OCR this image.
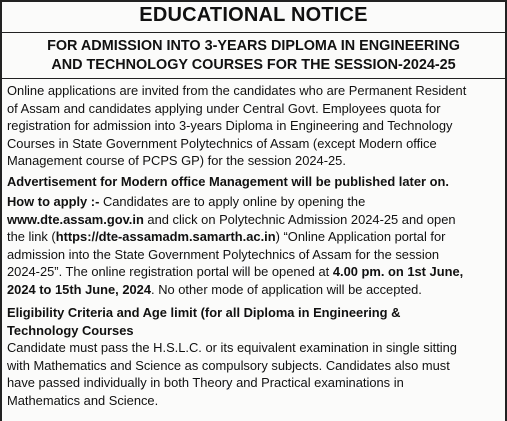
EDUCATIONAL NOTICE
FOR ADMISSION INTO 3-YEARS DIPLOMA IN ENGINEERING
AND TECHNOLOGY COURSES FOR THE SESSION-2024-25
Online applications are invited from the candidates who are Permanent Resident
of Assam and candidates applying under Central Govt. Employees quota for
registration for admission into 3-years Diploma in Engineering and Technology
Courses in State Government Polytechnics of Assam (except Modern office
Management course of PCPS GP) for the session 2024-25.
Advertisement for Modern office Management will be published later on.
How to apply :- Candidates are to apply online by opening the
www.dte.assam.gov.in and click on Polytechnic Admission 2024-25 and open
the link (https://dte-assamadm.samarth.ac.in) “Online Application portal for
admission into the State Government Polytechnics of Assam for the session
2024-25”. The online registration portal will be opened at 4.00 pm. on 1st June,
2024 to 15th June, 2024. No other mode of application will be accepted.
Eligibility Criteria and Age limit (for all Diploma in Engineering &
Technology Courses
Candidate must pass the H.S.L.C. or its equivalent examination in single sitting
with Mathematics and Science as compulsory subjects. Candidates also must
have passed individually in both Theory and Practical examinations in
Mathematics and Science.
